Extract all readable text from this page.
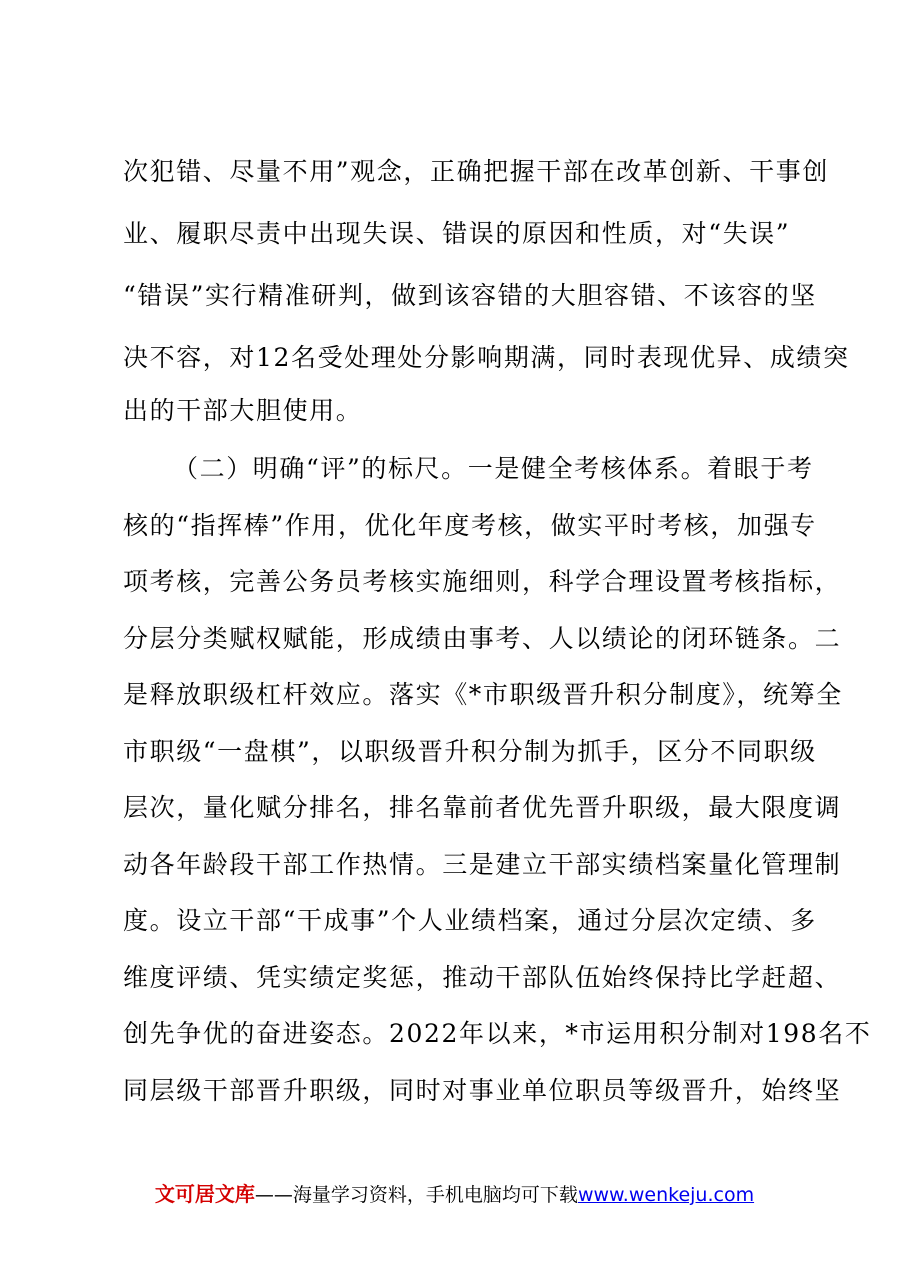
次犯错、尽量不用”观念，正确把握干部在改革创新、干事创
业、履职尽责中出现失误、错误的原因和性质，对“失误”
“错误”实行精准研判，做到该容错的大胆容错、不该容的坚
决不容，对12名受处理处分影响期满，同时表现优异、成绩突
出的干部大胆使用。
（二）明确“评”的标尺。一是健全考核体系。着眼于考
核的“指挥棒”作用，优化年度考核，做实平时考核，加强专
项考核，完善公务员考核实施细则，科学合理设置考核指标，
分层分类赋权赋能，形成绩由事考、人以绩论的闭环链条。二
是释放职级杠杆效应。落实《*市职级晋升积分制度》，统筹全
市职级“一盘棋”，以职级晋升积分制为抓手，区分不同职级
层次，量化赋分排名，排名靠前者优先晋升职级，最大限度调
动各年龄段干部工作热情。三是建立干部实绩档案量化管理制
度。设立干部“干成事”个人业绩档案，通过分层次定绩、多
维度评绩、凭实绩定奖惩，推动干部队伍始终保持比学赶超、
创先争优的奋进姿态。2022年以来，*市运用积分制对198名不
同层级干部晋升职级，同时对事业单位职员等级晋升，始终坚
文可居文库——海量学习资料，手机电脑均可下载www.wenkeju.com
